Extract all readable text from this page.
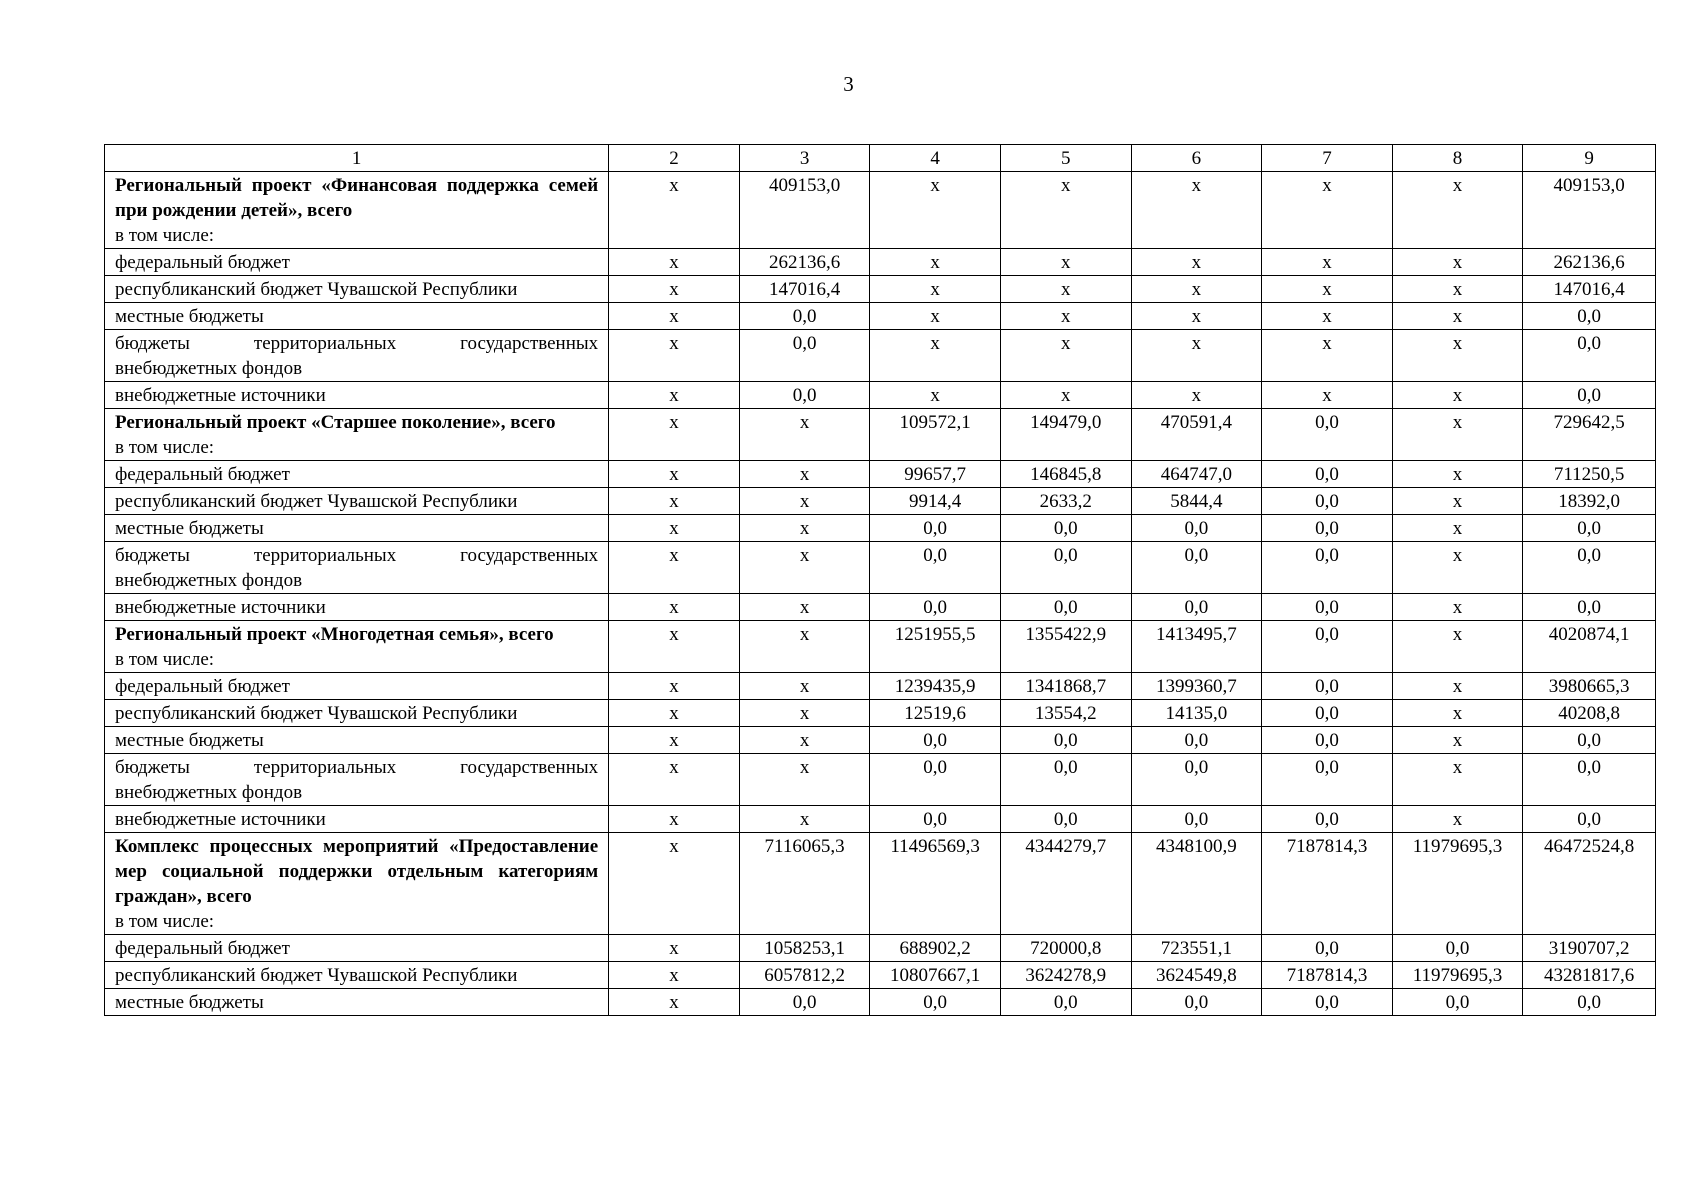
3
1	2	3	4	5	6	7	8	9

Региональный проект «Финансовая поддержка семей при рождении детей», всего
в том числе:	x	409153,0	x	x	x	x	x	409153,0

федеральный бюджет	x	262136,6	x	x	x	x	x	262136,6

республиканский бюджет Чувашской Республики	x	147016,4	x	x	x	x	x	147016,4

местные бюджеты	x	0,0	x	x	x	x	x	0,0

бюджеты территориальных государственных внебюджетных фондов	x	0,0	x	x	x	x	x	0,0

внебюджетные источники	x	0,0	x	x	x	x	x	0,0

Региональный проект «Старшее поколение», всего
в том числе:	x	x	109572,1	149479,0	470591,4	0,0	x	729642,5

федеральный бюджет	x	x	99657,7	146845,8	464747,0	0,0	x	711250,5

республиканский бюджет Чувашской Республики	x	x	9914,4	2633,2	5844,4	0,0	x	18392,0

местные бюджеты	x	x	0,0	0,0	0,0	0,0	x	0,0

бюджеты территориальных государственных внебюджетных фондов	x	x	0,0	0,0	0,0	0,0	x	0,0

внебюджетные источники	x	x	0,0	0,0	0,0	0,0	x	0,0

Региональный проект «Многодетная семья», всего
в том числе:	x	x	1251955,5	1355422,9	1413495,7	0,0	x	4020874,1

федеральный бюджет	x	x	1239435,9	1341868,7	1399360,7	0,0	x	3980665,3

республиканский бюджет Чувашской Республики	x	x	12519,6	13554,2	14135,0	0,0	x	40208,8

местные бюджеты	x	x	0,0	0,0	0,0	0,0	x	0,0

бюджеты территориальных государственных внебюджетных фондов	x	x	0,0	0,0	0,0	0,0	x	0,0

внебюджетные источники	x	x	0,0	0,0	0,0	0,0	x	0,0

Комплекс процессных мероприятий «Предоставление мер социальной поддержки отдельным категориям граждан», всего
в том числе:	x	7116065,3	11496569,3	4344279,7	4348100,9	7187814,3	11979695,3	46472524,8

федеральный бюджет	x	1058253,1	688902,2	720000,8	723551,1	0,0	0,0	3190707,2

республиканский бюджет Чувашской Республики	x	6057812,2	10807667,1	3624278,9	3624549,8	7187814,3	11979695,3	43281817,6

местные бюджеты	x	0,0	0,0	0,0	0,0	0,0	0,0	0,0
